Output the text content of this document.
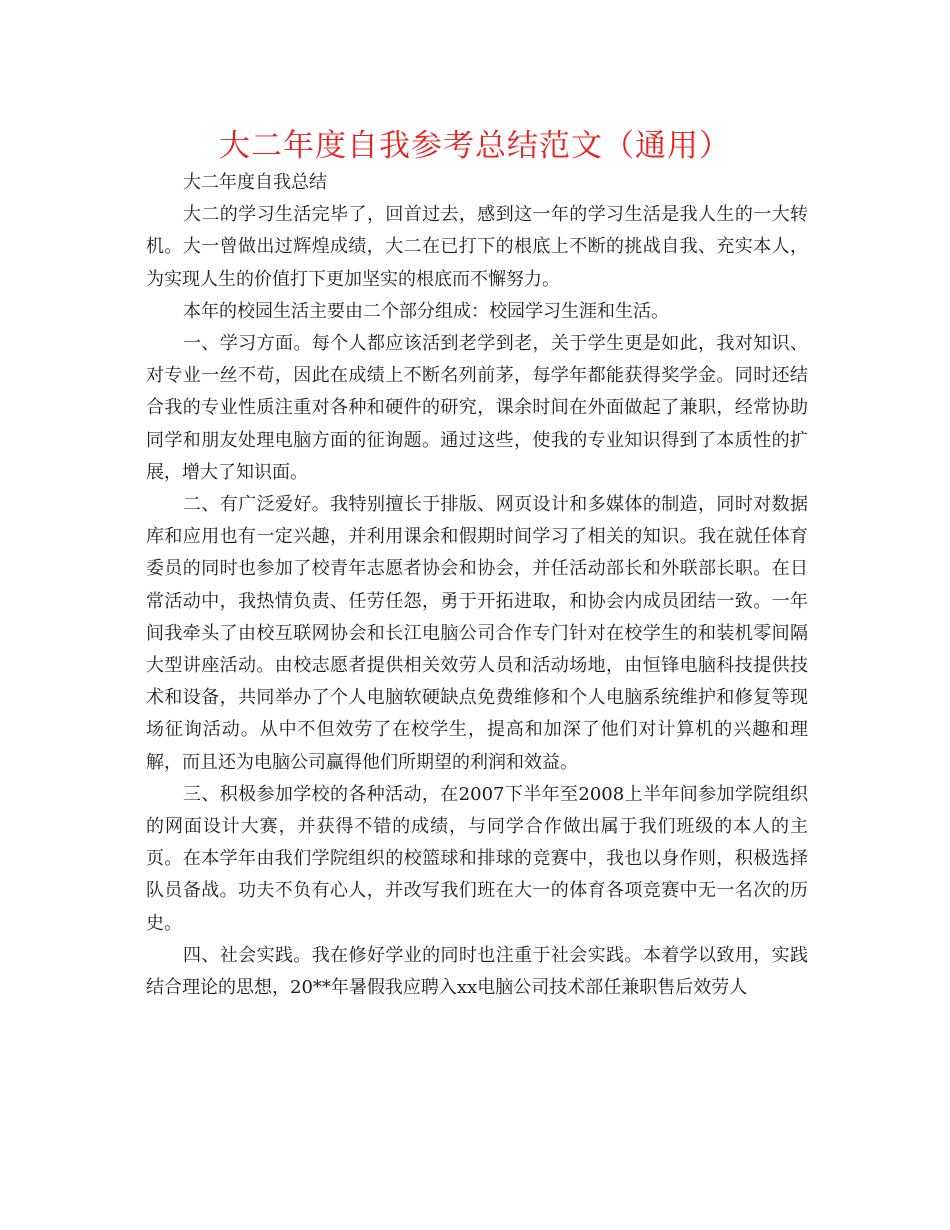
大二年度自我参考总结范文（通用）

大二年度自我总结

大二的学习生活完毕了，回首过去，感到这一年的学习生活是我人生的一大转机。大一曾做出过辉煌成绩，大二在已打下的根底上不断的挑战自我、充实本人，为实现人生的价值打下更加坚实的根底而不懈努力。

本年的校园生活主要由二个部分组成：校园学习生涯和生活。

一、学习方面。每个人都应该活到老学到老，关于学生更是如此，我对知识、对专业一丝不苟，因此在成绩上不断名列前茅，每学年都能获得奖学金。同时还结合我的专业性质注重对各种和硬件的研究，课余时间在外面做起了兼职，经常协助同学和朋友处理电脑方面的征询题。通过这些，使我的专业知识得到了本质性的扩展，增大了知识面。

二、有广泛爱好。我特别擅长于排版、网页设计和多媒体的制造，同时对数据库和应用也有一定兴趣，并利用课余和假期时间学习了相关的知识。我在就任体育委员的同时也参加了校青年志愿者协会和协会，并任活动部长和外联部长职。在日常活动中，我热情负责、任劳任怨，勇于开拓进取，和协会内成员团结一致。一年间我牵头了由校互联网协会和长江电脑公司合作专门针对在校学生的和装机零间隔大型讲座活动。由校志愿者提供相关效劳人员和活动场地，由恒锋电脑科技提供技术和设备，共同举办了个人电脑软硬缺点免费维修和个人电脑系统维护和修复等现场征询活动。从中不但效劳了在校学生，提高和加深了他们对计算机的兴趣和理解，而且还为电脑公司赢得他们所期望的利润和效益。

三、积极参加学校的各种活动，在2007下半年至2008上半年间参加学院组织的网面设计大赛，并获得不错的成绩，与同学合作做出属于我们班级的本人的主页。在本学年由我们学院组织的校篮球和排球的竞赛中，我也以身作则，积极选择队员备战。功夫不负有心人，并改写我们班在大一的体育各项竞赛中无一名次的历史。

四、社会实践。我在修好学业的同时也注重于社会实践。本着学以致用，实践结合理论的思想，20**年暑假我应聘入xx电脑公司技术部任兼职售后效劳人
